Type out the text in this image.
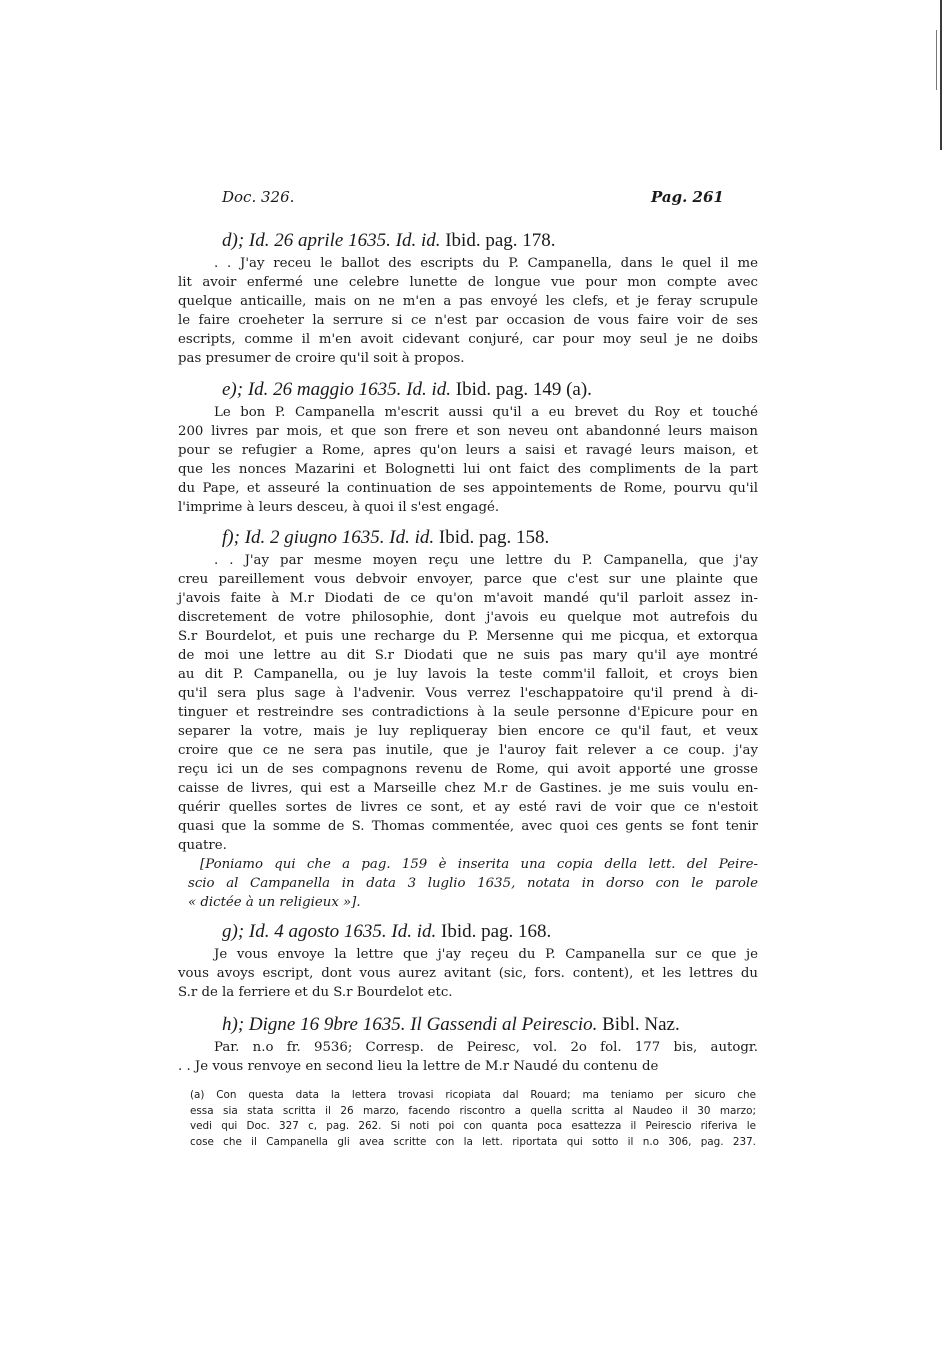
Doc. 326.	Pag. 261
d); Id. 26 aprile 1635. Id. id. Ibid. pag. 178.
. . J'ay receu le ballot des escripts du P. Campanella, dans le quel il me
lit avoir enfermé une celebre lunette de longue vue pour mon compte avec
quelque anticaille, mais on ne m'en a pas envoyé les clefs, et je feray scrupule
le faire croeheter la serrure si ce n'est par occasion de vous faire voir de ses
escripts, comme il m'en avoit cidevant conjuré, car pour moy seul je ne doibs
pas presumer de croire qu'il soit à propos.
e); Id. 26 maggio 1635. Id. id. Ibid. pag. 149 (a).
Le bon P. Campanella m'escrit aussi qu'il a eu brevet du Roy et touché
200 livres par mois, et que son frere et son neveu ont abandonné leurs maison
pour se refugier a Rome, apres qu'on leurs a saisi et ravagé leurs maison, et
que les nonces Mazarini et Bolognetti lui ont faict des compliments de la part
du Pape, et asseuré la continuation de ses appointements de Rome, pourvu qu'il
l'imprime à leurs desceu, à quoi il s'est engagé.
f); Id. 2 giugno 1635. Id. id. Ibid. pag. 158.
. . J'ay par mesme moyen reçu une lettre du P. Campanella, que j'ay
creu pareillement vous debvoir envoyer, parce que c'est sur une plainte que
j'avois faite à M.r Diodati de ce qu'on m'avoit mandé qu'il parloit assez in-
discretement de votre philosophie, dont j'avois eu quelque mot autrefois du
S.r Bourdelot, et puis une recharge du P. Mersenne qui me picqua, et extorqua
de moi une lettre au dit S.r Diodati que ne suis pas mary qu'il aye montré
au dit P. Campanella, ou je luy lavois la teste comm'il falloit, et croys bien
qu'il sera plus sage à l'advenir. Vous verrez l'eschappatoire qu'il prend à di-
tinguer et restreindre ses contradictions à la seule personne d'Epicure pour en
separer la votre, mais je luy repliqueray bien encore ce qu'il faut, et veux
croire que ce ne sera pas inutile, que je l'auroy fait relever a ce coup. j'ay
reçu ici un de ses compagnons revenu de Rome, qui avoit apporté une grosse
caisse de livres, qui est a Marseille chez M.r de Gastines. je me suis voulu en-
quérir quelles sortes de livres ce sont, et ay esté ravi de voir que ce n'estoit
quasi que la somme de S. Thomas commentée, avec quoi ces gents se font tenir
quatre.
[Poniamo qui che a pag. 159 è inserita una copia della lett. del Peire-
scio al Campanella in data 3 luglio 1635, notata in dorso con le parole
« dictée à un religieux »].
g); Id. 4 agosto 1635. Id. id. Ibid. pag. 168.
Je vous envoye la lettre que j'ay reçeu du P. Campanella sur ce que je
vous avoys escript, dont vous aurez avitant (sic, fors. content), et les lettres du
S.r de la ferriere et du S.r Bourdelot etc.
h); Digne 16 9bre 1635. Il Gassendi al Peirescio. Bibl. Naz.
Par. n.o fr. 9536; Corresp. de Peiresc, vol. 2o fol. 177 bis, autogr.
. . Je vous renvoye en second lieu la lettre de M.r Naudé du contenu de
(a) Con questa data la lettera trovasi ricopiata dal Rouard; ma teniamo per sicuro che
essa sia stata scritta il 26 marzo, facendo riscontro a quella scritta al Naudeo il 30 marzo;
vedi qui Doc. 327 c, pag. 262. Si noti poi con quanta poca esattezza il Peirescio riferiva le
cose che il Campanella gli avea scritte con la lett. riportata qui sotto il n.o 306, pag. 237.
